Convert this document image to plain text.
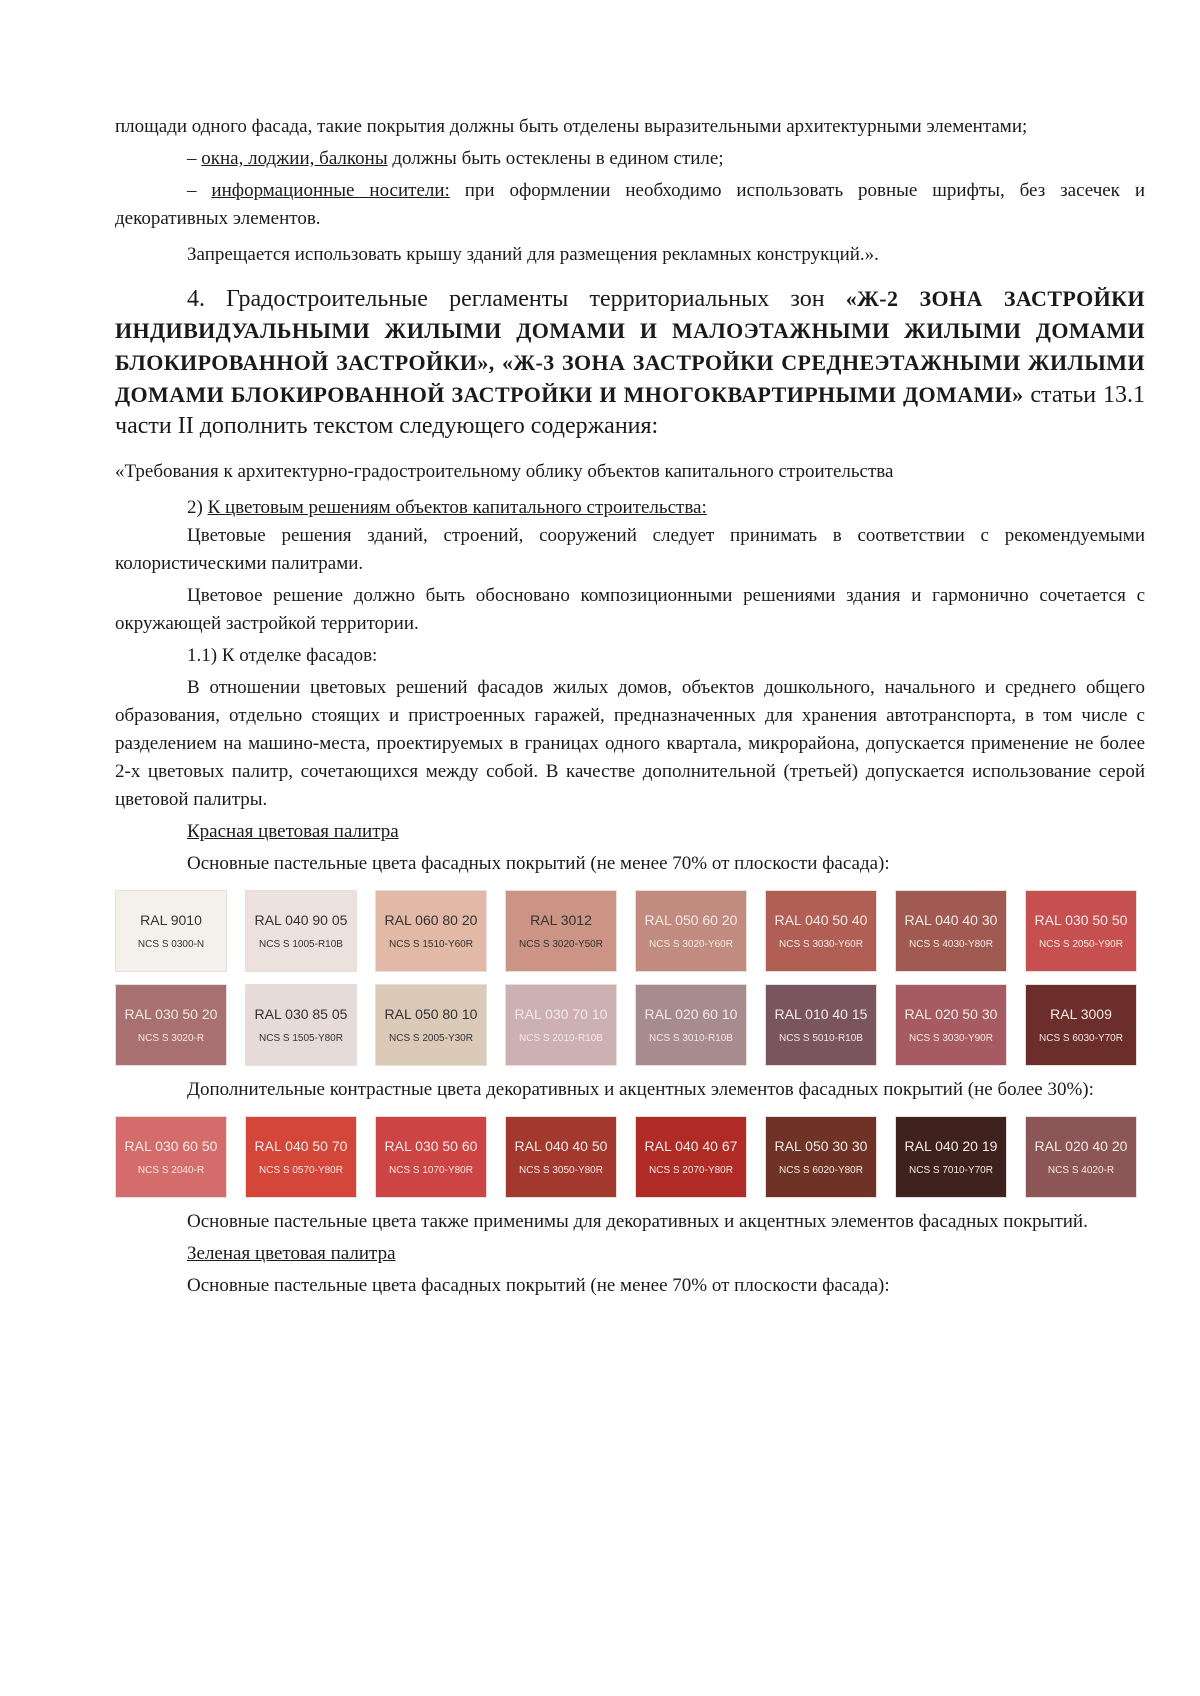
площади одного фасада, такие покрытия должны быть отделены выразительными архитектурными элементами;

– окна, лоджии, балконы должны быть остеклены в едином стиле;

– информационные носители: при оформлении необходимо использовать ровные шрифты, без засечек и декоративных элементов.

Запрещается использовать крышу зданий для размещения рекламных конструкций.».

4. Градостроительные регламенты территориальных зон «Ж-2 ЗОНА ЗАСТРОЙКИ ИНДИВИДУАЛЬНЫМИ ЖИЛЫМИ ДОМАМИ И МАЛОЭТАЖНЫМИ ЖИЛЫМИ ДОМАМИ БЛОКИРОВАННОЙ ЗАСТРОЙКИ», «Ж-3 ЗОНА ЗАСТРОЙКИ СРЕДНЕЭТАЖНЫМИ ЖИЛЫМИ ДОМАМИ БЛОКИРОВАННОЙ ЗАСТРОЙКИ И МНОГОКВАРТИРНЫМИ ДОМАМИ» статьи 13.1 части II дополнить текстом следующего содержания:

«Требования к архитектурно-градостроительному облику объектов капитального строительства

2) К цветовым решениям объектов капитального строительства:

Цветовые решения зданий, строений, сооружений следует принимать в соответствии с рекомендуемыми колористическими палитрами.

Цветовое решение должно быть обосновано композиционными решениями здания и гармонично сочетается с окружающей застройкой территории.

1.1) К отделке фасадов:

В отношении цветовых решений фасадов жилых домов, объектов дошкольного, начального и среднего общего образования, отдельно стоящих и пристроенных гаражей, предназначенных для хранения автотранспорта, в том числе с разделением на машино-места, проектируемых в границах одного квартала, микрорайона, допускается применение не более 2-х цветовых палитр, сочетающихся между собой. В качестве дополнительной (третьей) допускается использование серой цветовой палитры.

Красная цветовая палитра

Основные пастельные цвета фасадных покрытий (не менее 70% от плоскости фасада):

RAL 9010
NCS S 0300-N
RAL 040 90 05
NCS S 1005-R10B
RAL 060 80 20
NCS S 1510-Y60R
RAL 3012
NCS S 3020-Y50R
RAL 050 60 20
NCS S 3020-Y60R
RAL 040 50 40
NCS S 3030-Y60R
RAL 040 40 30
NCS S 4030-Y80R
RAL 030 50 50
NCS S 2050-Y90R
RAL 030 50 20
NCS S 3020-R
RAL 030 85 05
NCS S 1505-Y80R
RAL 050 80 10
NCS S 2005-Y30R
RAL 030 70 10
NCS S 2010-R10B
RAL 020 60 10
NCS S 3010-R10B
RAL 010 40 15
NCS S 5010-R10B
RAL 020 50 30
NCS S 3030-Y90R
RAL 3009
NCS S 6030-Y70R

Дополнительные контрастные цвета декоративных и акцентных элементов фасадных покрытий (не более 30%):

RAL 030 60 50
NCS S 2040-R
RAL 040 50 70
NCS S 0570-Y80R
RAL 030 50 60
NCS S 1070-Y80R
RAL 040 40 50
NCS S 3050-Y80R
RAL 040 40 67
NCS S 2070-Y80R
RAL 050 30 30
NCS S 6020-Y80R
RAL 040 20 19
NCS S 7010-Y70R
RAL 020 40 20
NCS S 4020-R

Основные пастельные цвета также применимы для декоративных и акцентных элементов фасадных покрытий.

Зеленая цветовая палитра

Основные пастельные цвета фасадных покрытий (не менее 70% от плоскости фасада):
